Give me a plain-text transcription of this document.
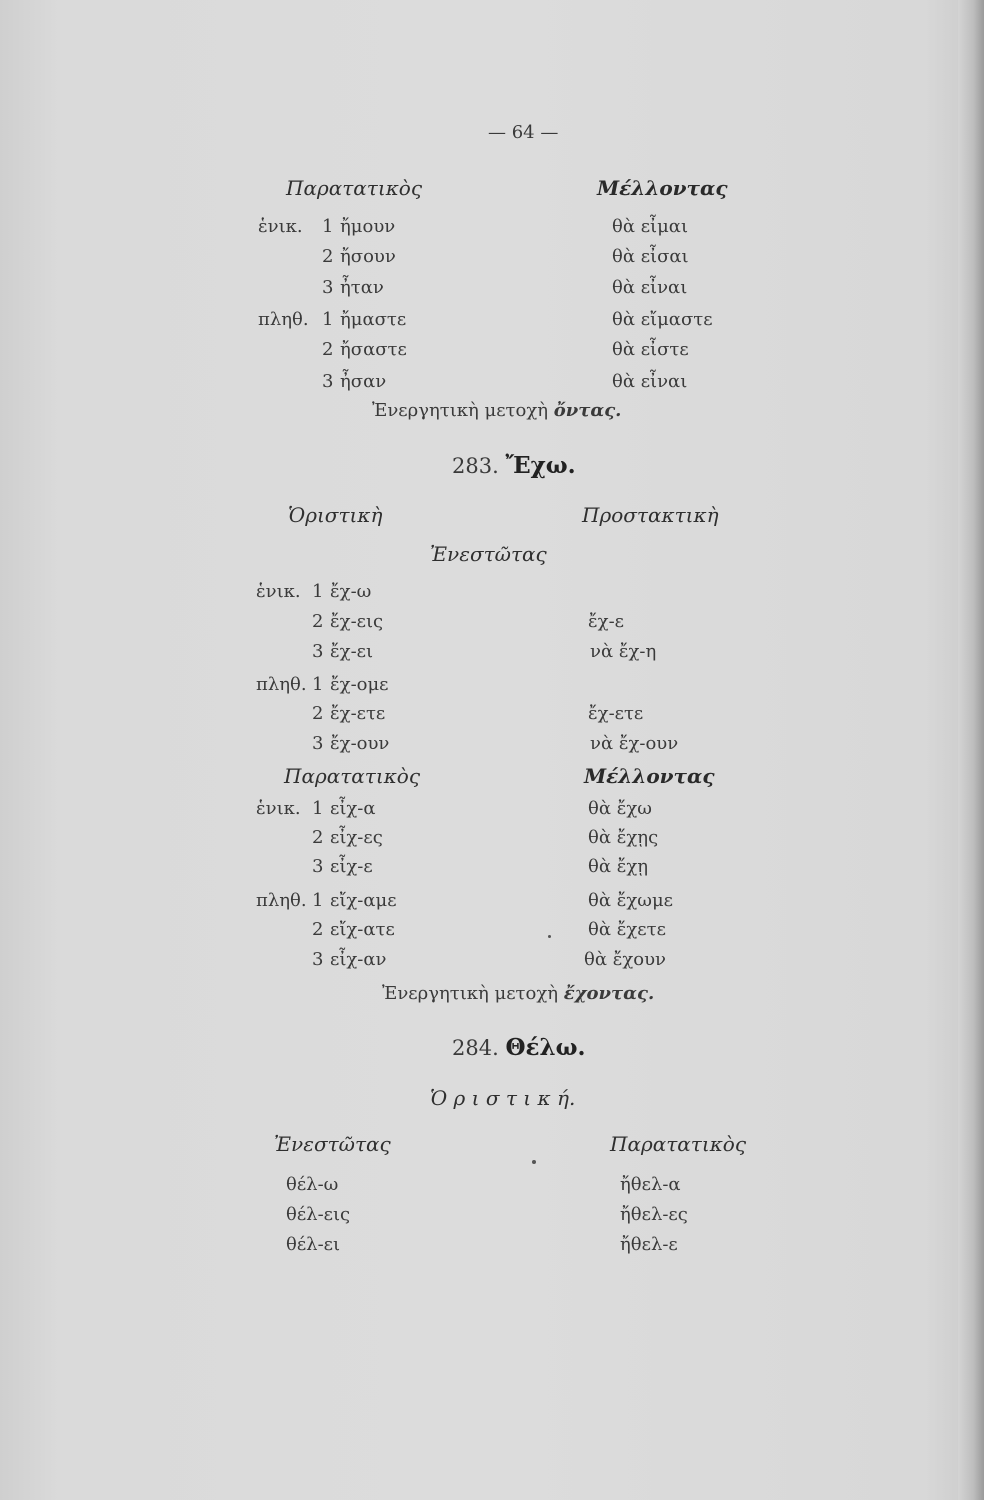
— 64 —
Παρατατικὸς	Μέλλοντας
ἑνικ. 1 ἤμουν	θὰ εἶμαι
2 ἤσουν	θὰ εἶσαι
3 ἦταν	θὰ εἶναι
πληθ. 1 ἤμαστε	θὰ εἴμαστε
2 ἤσαστε	θὰ εἶστε
3 ἦσαν	θὰ εἶναι
Ἐνεργητικὴ μετοχὴ ὄντας.
283. Ἔχω.
Ὁριστικὴ	Προστακτικὴ
Ἐνεστῶτας
ἑνικ. 1 ἔχ-ω
2 ἔχ-εις	ἔχ-ε
3 ἔχ-ει	νὰ ἔχ-η
πληθ. 1 ἔχ-ομε
2 ἔχ-ετε	ἔχ-ετε
3 ἔχ-ουν	νὰ ἔχ-ουν
Παρατατικὸς	Μέλλοντας
ἑνικ. 1 εἶχ-α	θὰ ἔχω
2 εἶχ-ες	θὰ ἔχῃς
3 εἶχ-ε	θὰ ἔχῃ
πληθ. 1 εἴχ-αμε	θὰ ἔχωμε
2 εἴχ-ατε	θὰ ἔχετε
3 εἶχ-αν	θὰ ἔχουν
Ἐνεργητικὴ μετοχὴ ἔχοντας.
284. Θέλω.
Ὁ ρ ι σ τ ι κ ή.
Ἐνεστῶτας	Παρατατικὸς
θέλ-ω	ἤθελ-α
θέλ-εις	ἤθελ-ες
θέλ-ει	ἤθελ-ε
